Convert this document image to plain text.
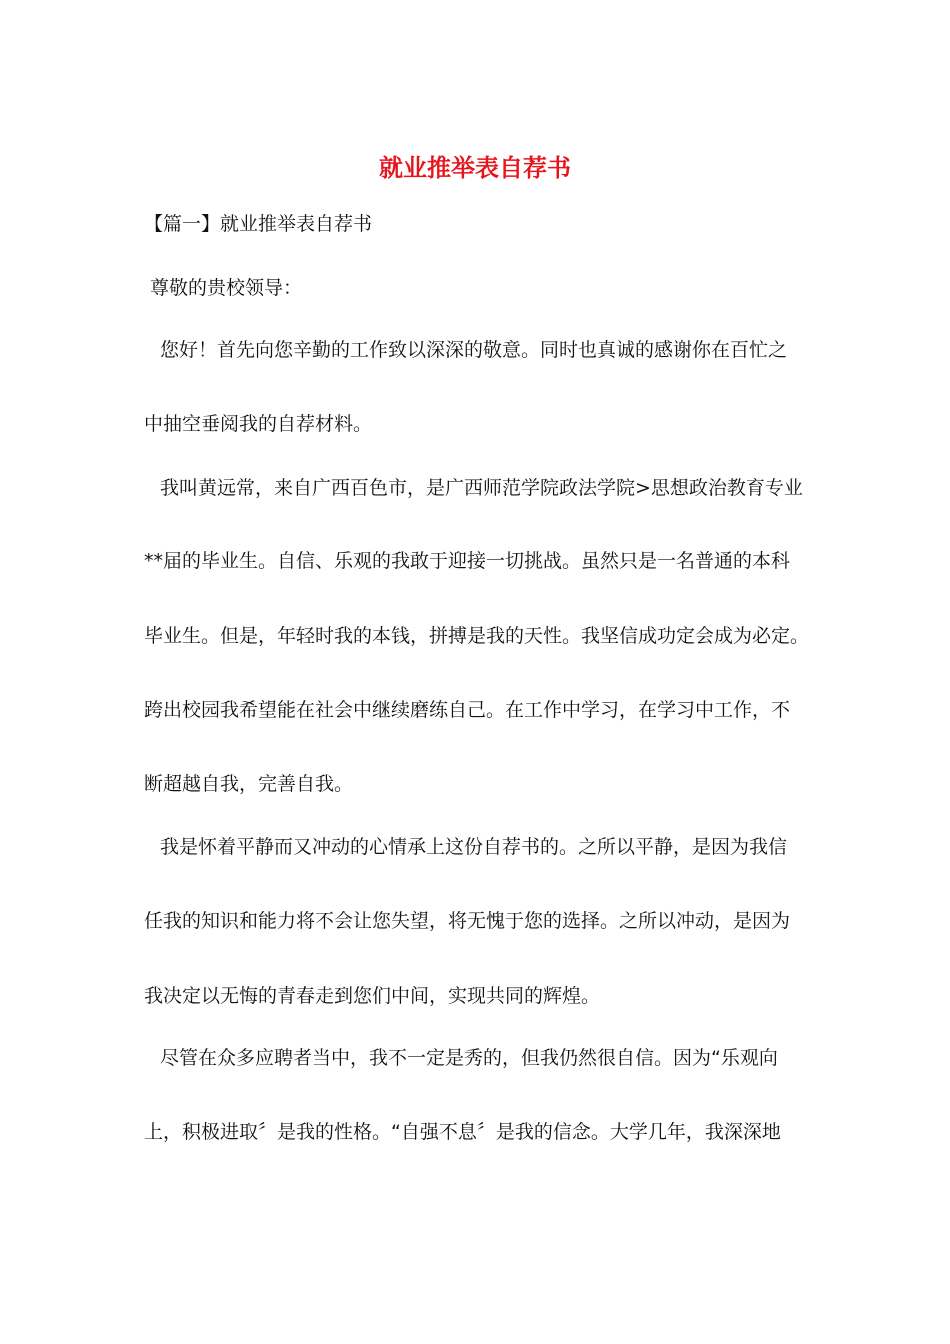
就业推举表自荐书
【篇一】就业推举表自荐书
尊敬的贵校领导：
您好！首先向您辛勤的工作致以深深的敬意。同时也真诚的感谢你在百忙之
中抽空垂阅我的自荐材料。
我叫黄远常，来自广西百色市，是广西师范学院政法学院>思想政治教育专业
**届的毕业生。自信、乐观的我敢于迎接一切挑战。虽然只是一名普通的本科
毕业生。但是，年轻时我的本钱，拼搏是我的天性。我坚信成功定会成为必定。
跨出校园我希望能在社会中继续磨练自己。在工作中学习，在学习中工作，不
断超越自我，完善自我。
我是怀着平静而又冲动的心情承上这份自荐书的。之所以平静，是因为我信
任我的知识和能力将不会让您失望，将无愧于您的选择。之所以冲动，是因为
我决定以无悔的青春走到您们中间，实现共同的辉煌。
尽管在众多应聘者当中，我不一定是秀的，但我仍然很自信。因为“乐观向
上，积极进取〞是我的性格。“自强不息〞是我的信念。大学几年，我深深地
